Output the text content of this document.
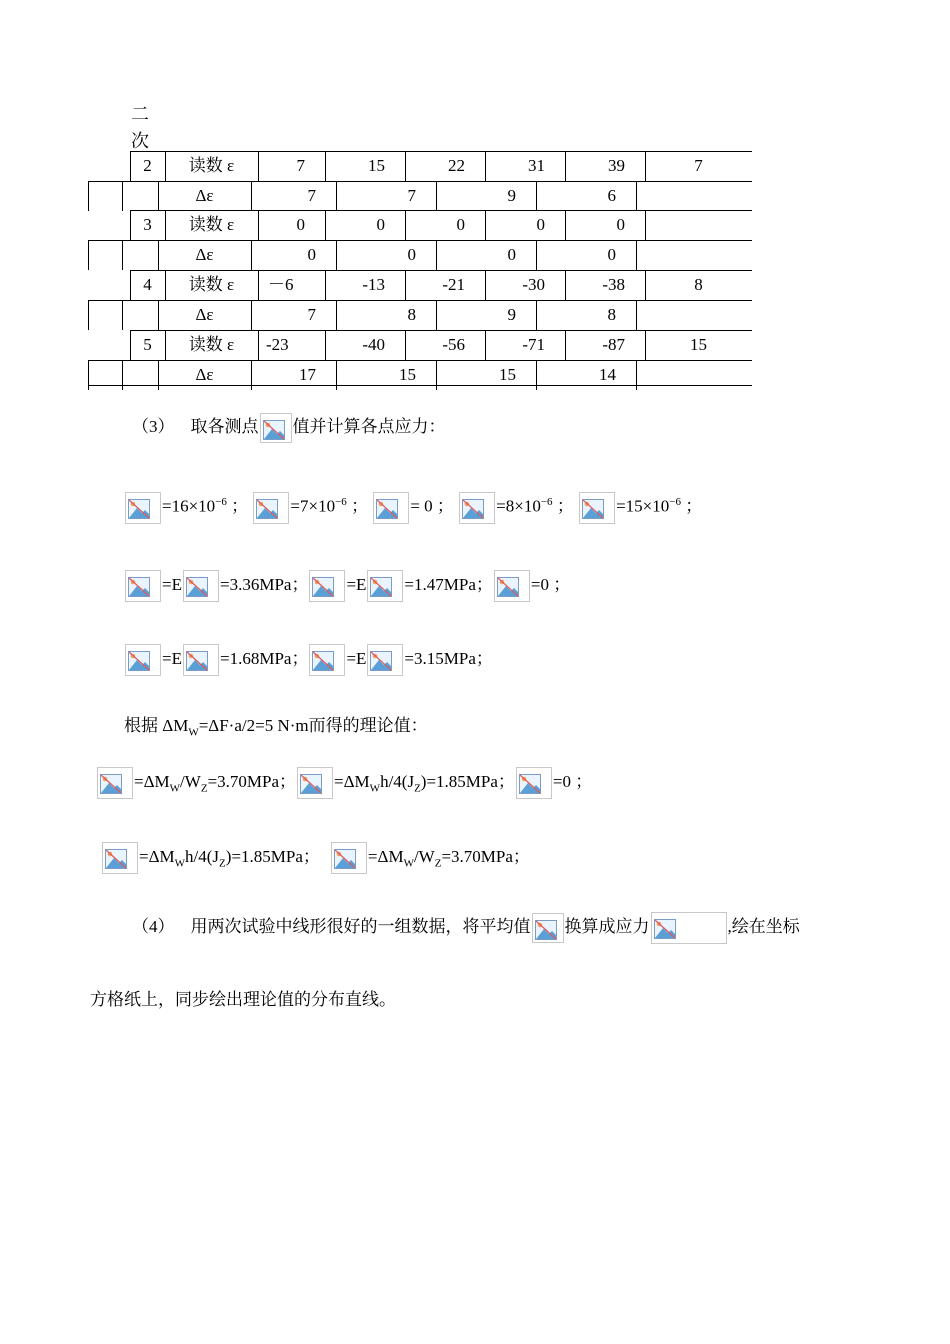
二
次
2	读数 ε	7	15	22	31	39	7
Δε	7	7	9	6
3	读数 ε	0	0	0	0	0
Δε	0	0	0	0
4	读数 ε	－6	-13	-21	-30	-38	8
Δε	7	8	9	8
5	读数 ε	-23	-40	-56	-71	-87	15
Δε	17	15	15	14
（3） 取各测点 值并计算各点应力：
$=16\times 10^{-6}$ ； $=7\times 10^{-6}$ ； = 0 ； $=8\times 10^{-6}$ ； $=15\times 10^{-6}$ ；
=E =3.36MPa； =E =1.47MPa； =0 ；
=E =1.68MPa； =E =3.15MPa；
根据 $\Delta M_W=\Delta F\cdot a/2=5$ N·m而得的理论值：
$=\Delta M_W/W_Z=3.70MPa$； $=\Delta M_Wh/4(J_Z)=1.85MPa$； =0 ；
$=\Delta M_Wh/4(J_Z)=1.85MPa$；	$=\Delta M_W/W_Z=3.70MPa$；
（4） 用两次试验中线形很好的一组数据，将平均值 换算成应力	,绘在坐标
方格纸上，同步绘出理论值的分布直线。
